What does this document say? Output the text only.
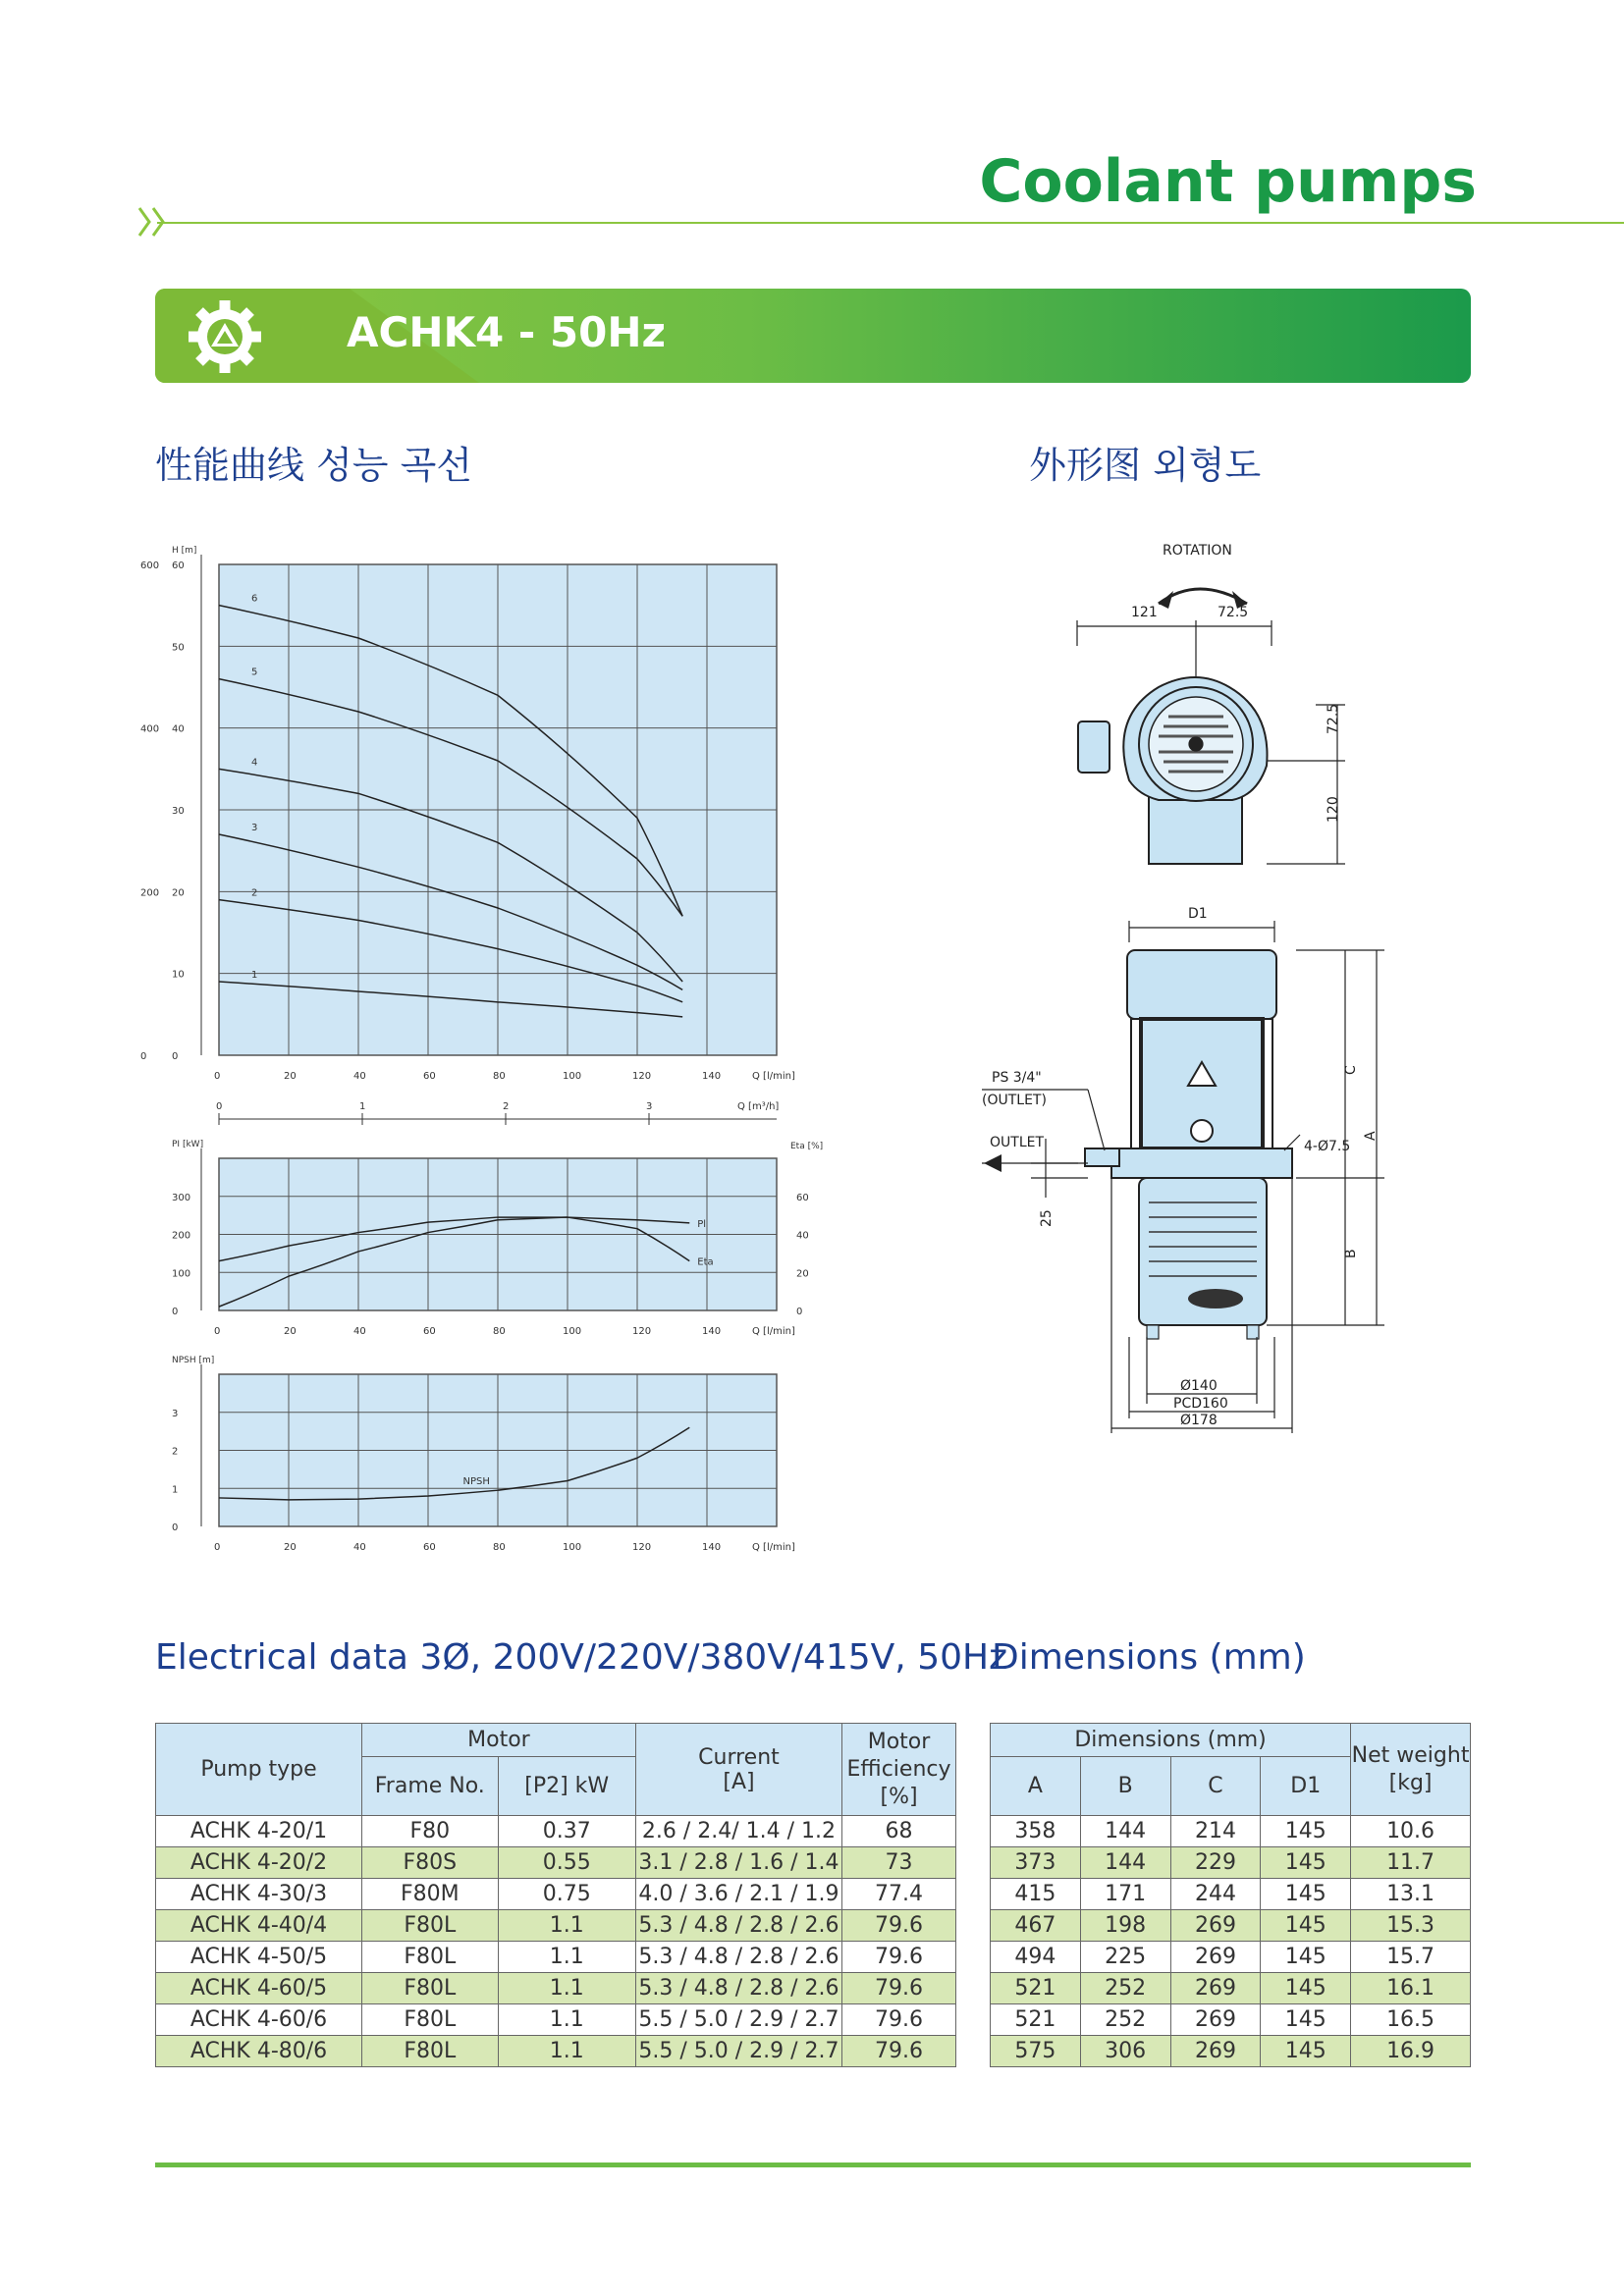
Coolant pumps
ACHK4 - 50Hz
性能曲线 성능 곡선	外形图 외형도
0	20	40	60	80	100	120	140	Q [l/min]
0
10
20
30
40
50
60
H [m]
0
200
400
600
1
2
3
4
5
6
0	20	40	60	80	100	120	140	Q [l/min]
0
100
200
300
PI [kW]
0
20
40
60
Eta [%]
0	1	2	3	Q [m³/h]
Pl
Eta
0	20	40	60	80	100	120	140	Q [l/min]
0
1
2
3
NPSH [m]
NPSH
ROTATION
121	72.5
72.5
120
D1
C
A
B
PS 3/4"
(OUTLET)
OUTLET	4-Ø7.5
25
Ø140
PCD160
Ø178
Electrical data 3Ø, 200V/220V/380V/415V, 50Hz
Dimensions (mm)
Pump type	Motor		Current
[A]	Motor Efficiency [%]
	Frame No.	[P2] kW		
ACHK 4-20/1	F80	0.37	2.6 / 2.4/ 1.4 / 1.2	68
ACHK 4-20/2	F80S	0.55	3.1 / 2.8 / 1.6 / 1.4	73
ACHK 4-30/3	F80M	0.75	4.0 / 3.6 / 2.1 / 1.9	77.4
ACHK 4-40/4	F80L	1.1	5.3 / 4.8 / 2.8 / 2.6	79.6
ACHK 4-50/5	F80L	1.1	5.3 / 4.8 / 2.8 / 2.6	79.6
ACHK 4-60/5	F80L	1.1	5.3 / 4.8 / 2.8 / 2.6	79.6
ACHK 4-60/6	F80L	1.1	5.5 / 5.0 / 2.9 / 2.7	79.6
ACHK 4-80/6	F80L	1.1	5.5 / 5.0 / 2.9 / 2.7	79.6
Dimensions (mm)				Net weight [kg]
A	B	C	D1	
358	144	214	145	10.6
373	144	229	145	11.7
415	171	244	145	13.1
467	198	269	145	15.3
494	225	269	145	15.7
521	252	269	145	16.1
521	252	269	145	16.5
575	306	269	145	16.9
